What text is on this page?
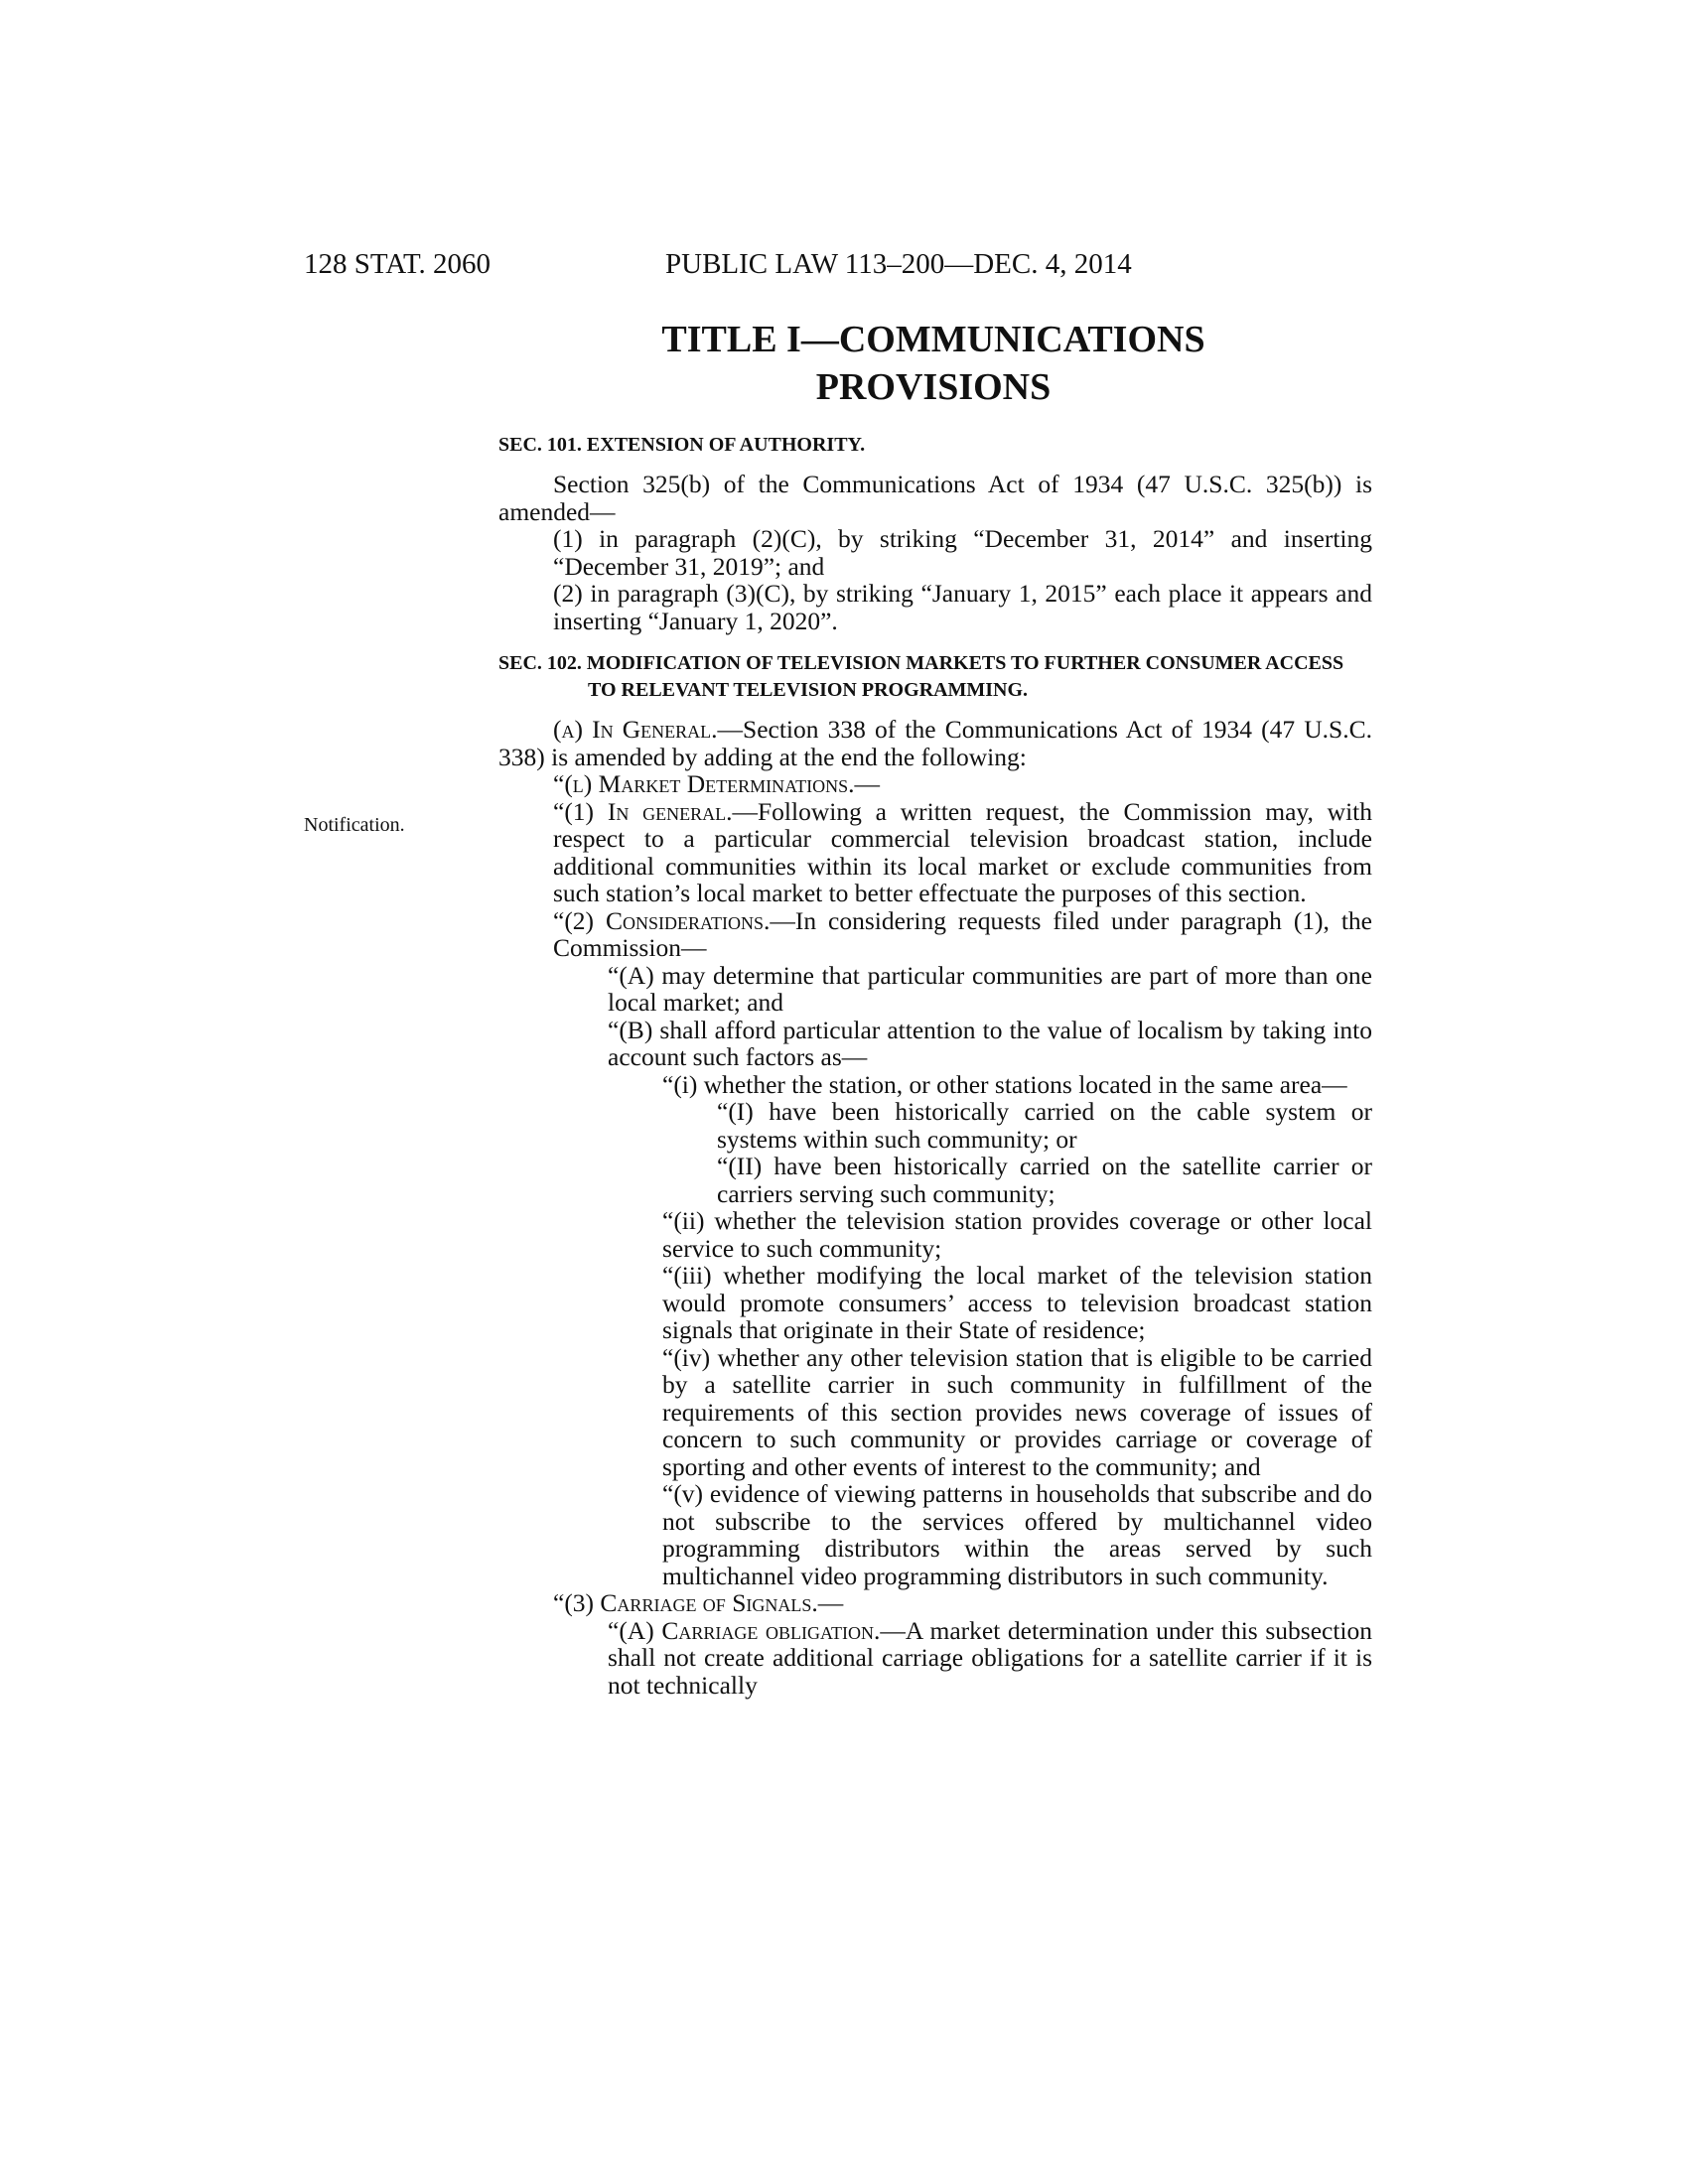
128 STAT. 2060	PUBLIC LAW 113–200—DEC. 4, 2014
TITLE I—COMMUNICATIONS
PROVISIONS
Notification.
SEC. 101. EXTENSION OF AUTHORITY.

Section 325(b) of the Communications Act of 1934 (47 U.S.C. 325(b)) is amended—

(1) in paragraph (2)(C), by striking “December 31, 2014” and inserting “December 31, 2019”; and

(2) in paragraph (3)(C), by striking “January 1, 2015” each place it appears and inserting “January 1, 2020”.

SEC. 102. MODIFICATION OF TELEVISION MARKETS TO FURTHER CONSUMER ACCESS TO RELEVANT TELEVISION PROGRAMMING.

(a) In General.—Section 338 of the Communications Act of 1934 (47 U.S.C. 338) is amended by adding at the end the following:

“(l) Market Determinations.—

“(1) In general.—Following a written request, the Commission may, with respect to a particular commercial television broadcast station, include additional communities within its local market or exclude communities from such station’s local market to better effectuate the purposes of this section.

“(2) Considerations.—In considering requests filed under paragraph (1), the Commission—

“(A) may determine that particular communities are part of more than one local market; and

“(B) shall afford particular attention to the value of localism by taking into account such factors as—

“(i) whether the station, or other stations located in the same area—

“(I) have been historically carried on the cable system or systems within such community; or

“(II) have been historically carried on the satellite carrier or carriers serving such community;

“(ii) whether the television station provides coverage or other local service to such community;

“(iii) whether modifying the local market of the television station would promote consumers’ access to television broadcast station signals that originate in their State of residence;

“(iv) whether any other television station that is eligible to be carried by a satellite carrier in such community in fulfillment of the requirements of this section provides news coverage of issues of concern to such community or provides carriage or coverage of sporting and other events of interest to the community; and

“(v) evidence of viewing patterns in households that subscribe and do not subscribe to the services offered by multichannel video programming distributors within the areas served by such multichannel video programming distributors in such community.

“(3) Carriage of Signals.—

“(A) Carriage obligation.—A market determination under this subsection shall not create additional carriage obligations for a satellite carrier if it is not technically
